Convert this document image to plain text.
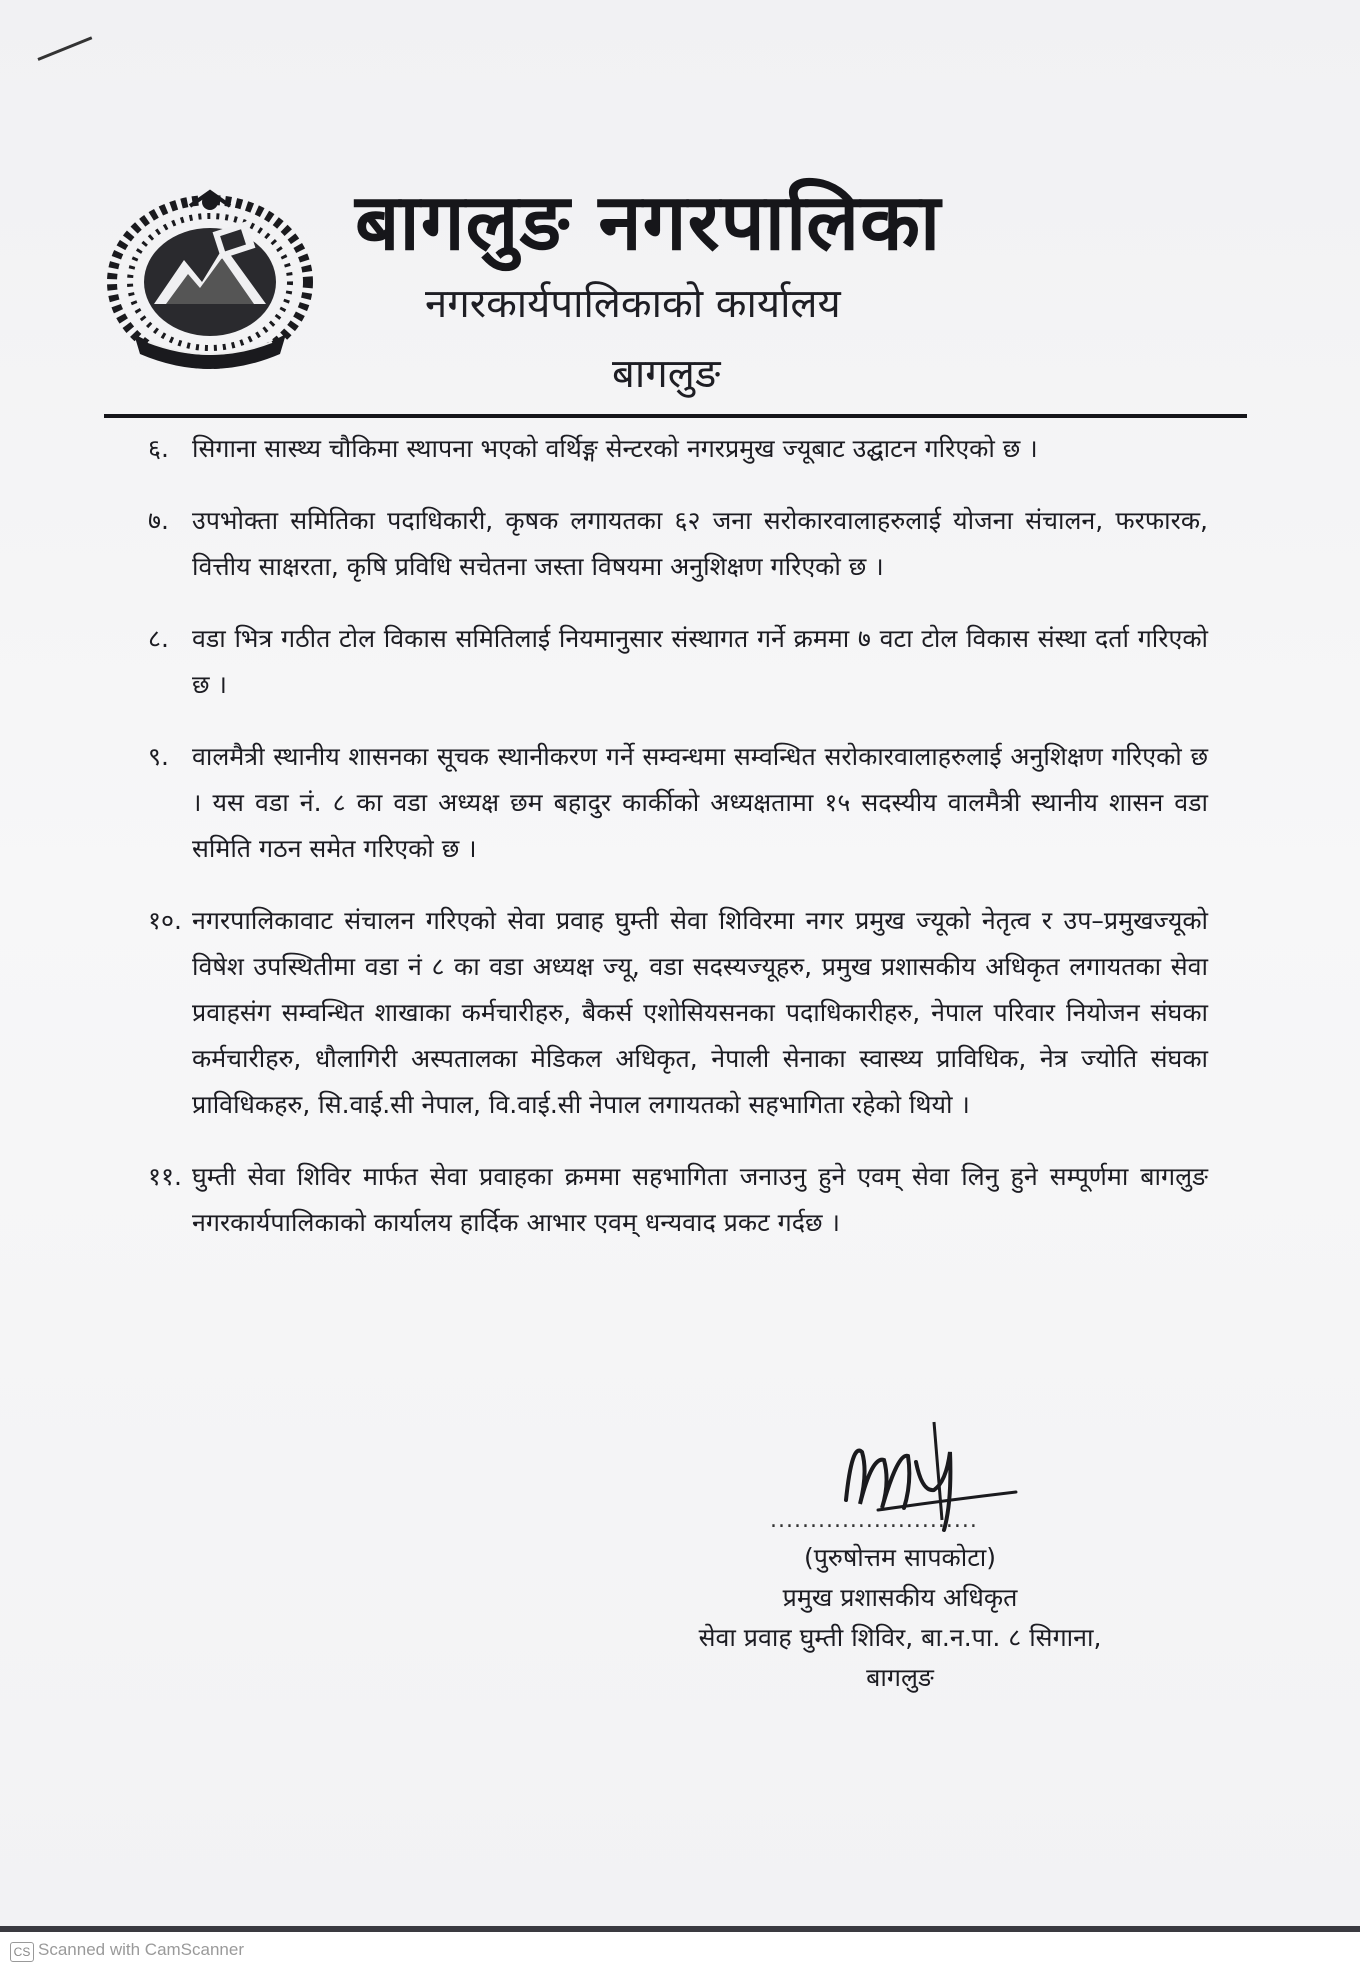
बागलुङ नगरपालिका
नगरकार्यपालिकाको कार्यालय
बागलुङ
६. सिगाना सास्थ्य चौकिमा स्थापना भएको वर्थिङ्ग सेन्टरको नगरप्रमुख ज्यूबाट उद्घाटन गरिएको छ ।
७. उपभोक्ता समितिका पदाधिकारी, कृषक लगायतका ६२ जना सरोकारवालाहरुलाई योजना संचालन, फरफारक, वित्तीय साक्षरता, कृषि प्रविधि सचेतना जस्ता विषयमा अनुशिक्षण गरिएको छ ।
८. वडा भित्र गठीत टोल विकास समितिलाई नियमानुसार संस्थागत गर्ने क्रममा ७ वटा टोल विकास संस्था दर्ता गरिएको छ ।
९. वालमैत्री स्थानीय शासनका सूचक स्थानीकरण गर्ने सम्वन्धमा सम्वन्धित सरोकारवालाहरुलाई अनुशिक्षण गरिएको छ । यस वडा नं. ८ का वडा अध्यक्ष छम बहादुर कार्कीको अध्यक्षतामा १५ सदस्यीय वालमैत्री स्थानीय शासन वडा समिति गठन समेत गरिएको छ ।
१०. नगरपालिकावाट संचालन गरिएको सेवा प्रवाह घुम्ती सेवा शिविरमा नगर प्रमुख ज्यूको नेतृत्व र उप–प्रमुखज्यूको विषेश उपस्थितीमा वडा नं ८ का वडा अध्यक्ष ज्यू, वडा सदस्यज्यूहरु, प्रमुख प्रशासकीय अधिकृत लगायतका सेवा प्रवाहसंग सम्वन्धित शाखाका कर्मचारीहरु, बैकर्स एशोसियसनका पदाधिकारीहरु, नेपाल परिवार नियोजन संघका कर्मचारीहरु, धौलागिरी अस्पतालका मेडिकल अधिकृत, नेपाली सेनाका स्वास्थ्य प्राविधिक, नेत्र ज्योति संघका प्राविधिकहरु, सि.वाई.सी नेपाल, वि.वाई.सी नेपाल लगायतको सहभागिता रहेको थियो ।
११. घुम्ती सेवा शिविर मार्फत सेवा प्रवाहका क्रममा सहभागिता जनाउनु हुने एवम् सेवा लिनु हुने सम्पूर्णमा बागलुङ नगरकार्यपालिकाको कार्यालय हार्दिक आभार एवम् धन्यवाद प्रकट गर्दछ ।
..........................
(पुरुषोत्तम सापकोटा)
प्रमुख प्रशासकीय अधिकृत
सेवा प्रवाह घुम्ती शिविर, बा.न.पा. ८ सिगाना,
बागलुङ
CS Scanned with CamScanner
